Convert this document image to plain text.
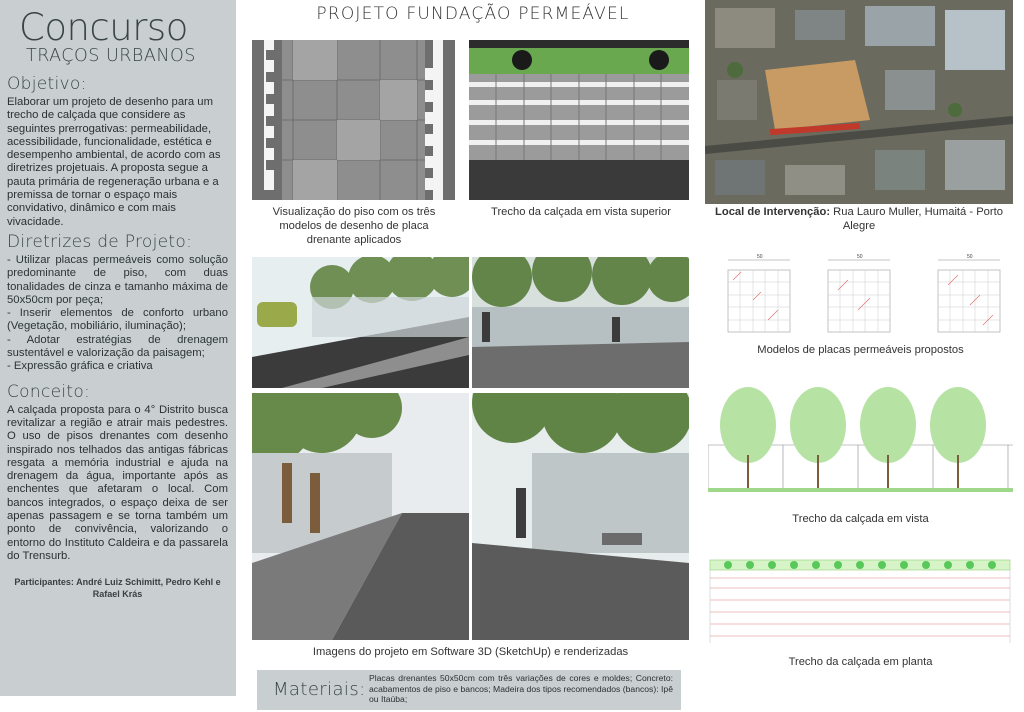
Concurso
TRAÇOS URBANOS
Objetivo:

Elaborar um projeto de desenho para um trecho de calçada que considere as seguintes prerrogativas: permeabilidade, acessibilidade, funcionalidade, estética e desempenho ambiental, de acordo com as diretrizes projetuais. A proposta segue a pauta primária de regeneração urbana e a premissa de tornar o espaço mais convidativo, dinâmico e com mais vivacidade.

Diretrizes de Projeto:
- Utilizar placas permeáveis como solução predominante de piso, com duas tonalidades de cinza e tamanho máxima de 50x50cm por peça;
- Inserir elementos de conforto urbano (Vegetação, mobiliário, iluminação);
- Adotar estratégias de drenagem sustentável e valorização da paisagem;
- Expressão gráfica e criativa
Conceito:

A calçada proposta para o 4° Distrito busca revitalizar a região e atrair mais pedestres. O uso de pisos drenantes com desenho inspirado nos telhados das antigas fábricas resgata a memória industrial e ajuda na drenagem da água, importante após as enchentes que afetaram o local. Com bancos integrados, o espaço deixa de ser apenas passagem e se torna também um ponto de convivência, valorizando o entorno do Instituto Caldeira e da passarela do Trensurb.

Participantes: André Luiz Schimitt, Pedro Kehl e Rafael Krás
PROJETO FUNDAÇÃO PERMEÁVEL
Visualização do piso com os três modelos de desenho de placa drenante aplicados
Trecho da calçada em vista superior	Local de Intervenção: Rua Lauro Muller, Humaitá - Porto Alegre
Imagens do projeto em Software 3D (SketchUp) e renderizadas
50	50	50
Modelos de placas permeáveis propostos
Trecho da calçada em vista
Trecho da calçada em planta
Materiais:
Placas drenantes 50x50cm com três variações de cores e moldes; Concreto: acabamentos de piso e bancos; Madeira dos tipos recomendados (bancos): Ipê ou Itaúba;
